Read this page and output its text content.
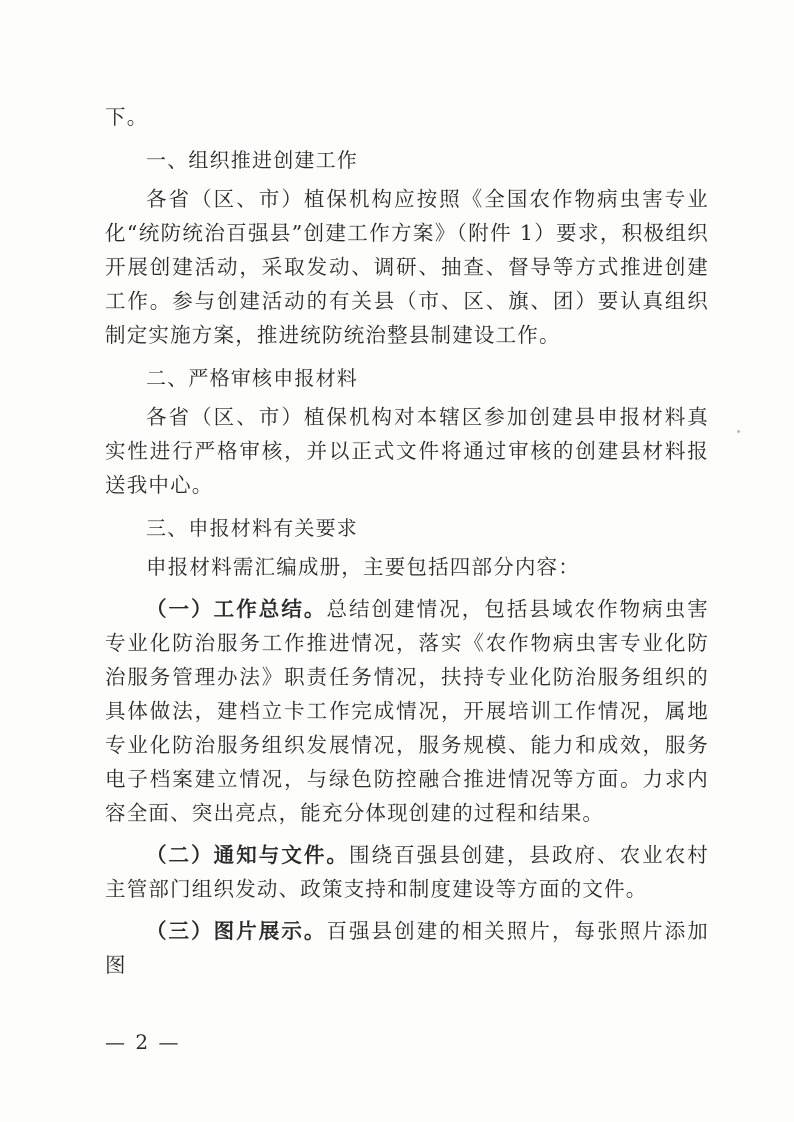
下。

一、组织推进创建工作

各省（区、市）植保机构应按照《全国农作物病虫害专业化“统防统治百强县”创建工作方案》（附件 1）要求，积极组织开展创建活动，采取发动、调研、抽查、督导等方式推进创建工作。参与创建活动的有关县（市、区、旗、团）要认真组织制定实施方案，推进统防统治整县制建设工作。

二、严格审核申报材料

各省（区、市）植保机构对本辖区参加创建县申报材料真实性进行严格审核，并以正式文件将通过审核的创建县材料报送我中心。

三、申报材料有关要求

申报材料需汇编成册，主要包括四部分内容：

（一）工作总结。总结创建情况，包括县域农作物病虫害专业化防治服务工作推进情况，落实《农作物病虫害专业化防治服务管理办法》职责任务情况，扶持专业化防治服务组织的具体做法，建档立卡工作完成情况，开展培训工作情况，属地专业化防治服务组织发展情况，服务规模、能力和成效，服务电子档案建立情况，与绿色防控融合推进情况等方面。力求内容全面、突出亮点，能充分体现创建的过程和结果。

（二）通知与文件。围绕百强县创建，县政府、农业农村主管部门组织发动、政策支持和制度建设等方面的文件。

（三）图片展示。百强县创建的相关照片，每张照片添加图

— 2 —
